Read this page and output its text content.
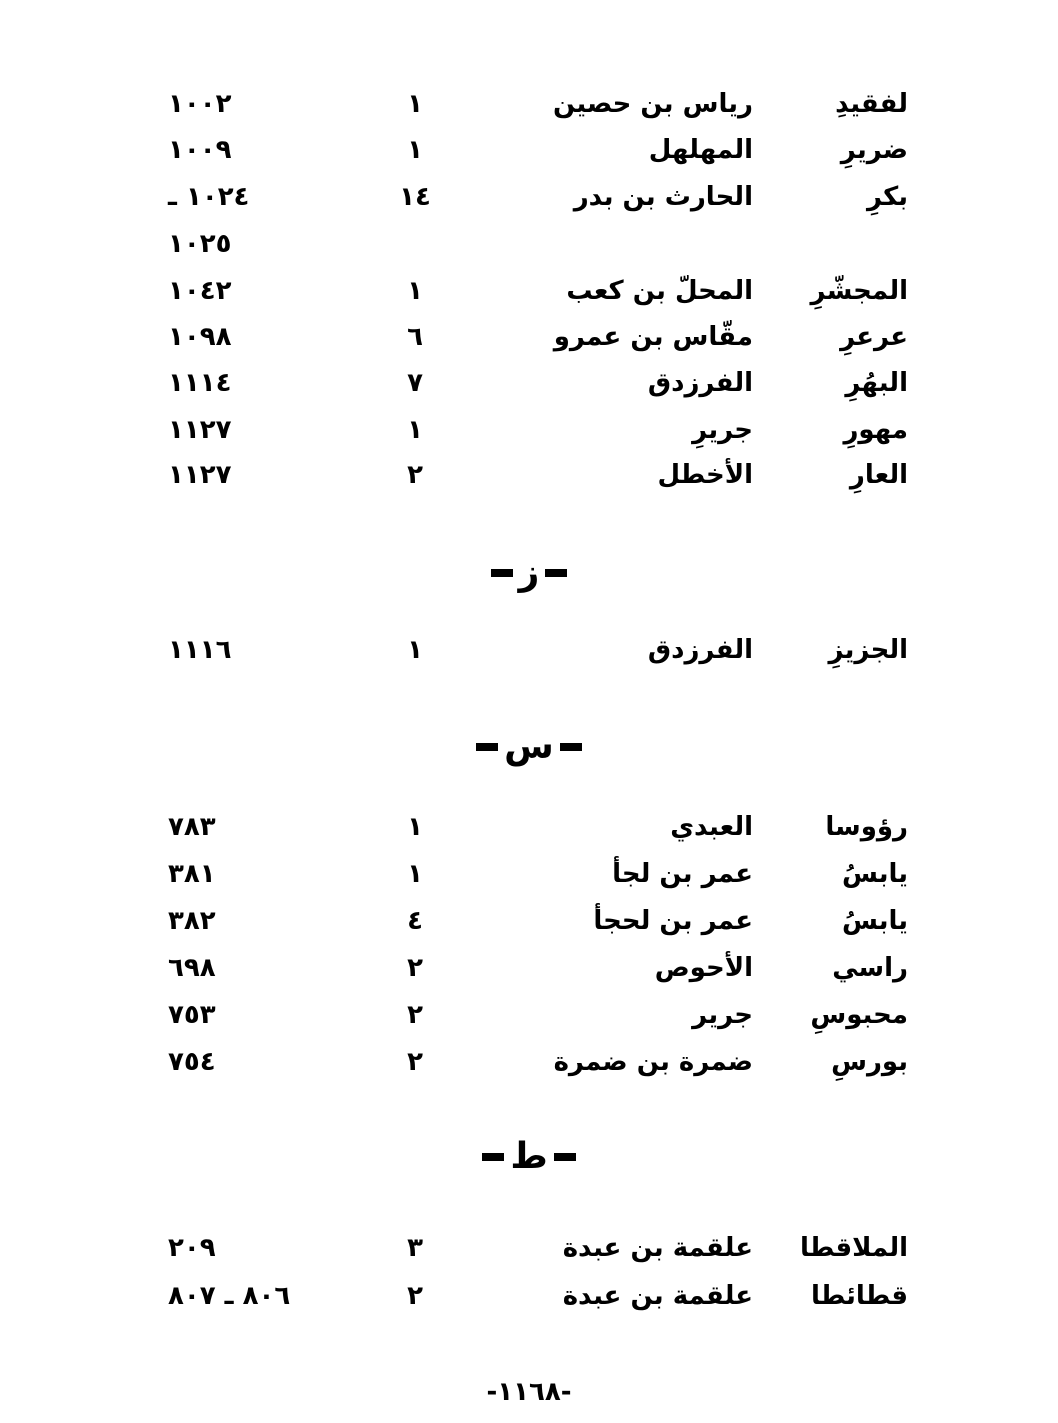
لفقيدِ
رياس بن حصين
١
١٠٠٢
ضريرِ
المهلهل
١
١٠٠٩
بكرِ
الحارث بن بدر
١٤
١٠٢٤ ـ
١٠٢٥
المجشّرِ
المحلّ بن كعب
١
١٠٤٢
عرعرِ
مقّاس بن عمرو
٦
١٠٩٨
البهُرِ
الفرزدق
٧
١١١٤
مهورِ
جريرِ
١
١١٢٧
العارِ
الأخطل
٢
١١٢٧
ز
الجزيزِ
الفرزدق
١
١١١٦
س
رؤوسا
العبدي
١
٧٨٣
يابسُ
عمر بن لجأ
١
٣٨١
يابسُ
عمر بن لحجأ
٤
٣٨٢
راسي
الأحوص
٢
٦٩٨
محبوسِ
جرير
٢
٧٥٣
بورسِ
ضمرة بن ضمرة
٢
٧٥٤
ط
الملاقطا
علقمة بن عبدة
٣
٢٠٩
قطائطا
علقمة بن عبدة
٢
٨٠٦ ـ ٨٠٧
-١١٦٨-
